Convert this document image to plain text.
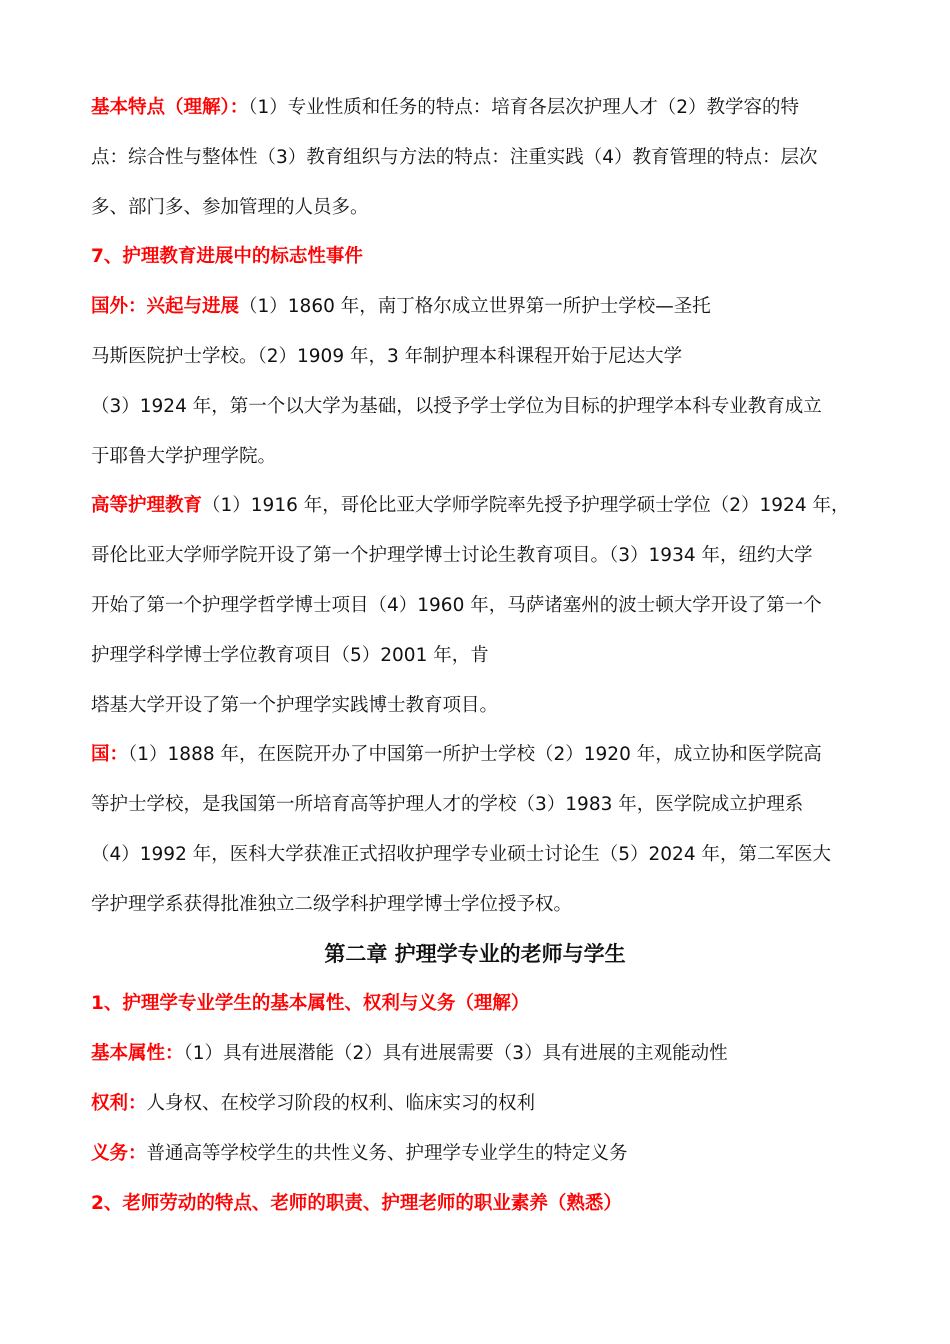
基本特点（理解）：（1）专业性质和任务的特点：培育各层次护理人才（2）教学容的特
点：综合性与整体性（3）教育组织与方法的特点：注重实践（4）教育管理的特点：层次
多、部门多、参加管理的人员多。
7、护理教育进展中的标志性事件
国外：兴起与进展（1）1860 年，南丁格尔成立世界第一所护士学校—圣托
马斯医院护士学校。（2）1909 年，3 年制护理本科课程开始于尼达大学
（3）1924 年，第一个以大学为基础，以授予学士学位为目标的护理学本科专业教育成立
于耶鲁大学护理学院。
高等护理教育（1）1916 年，哥伦比亚大学师学院率先授予护理学硕士学位（2）1924 年，
哥伦比亚大学师学院开设了第一个护理学博士讨论生教育项目。（3）1934 年，纽约大学
开始了第一个护理学哲学博士项目（4）1960 年，马萨诸塞州的波士顿大学开设了第一个
护理学科学博士学位教育项目（5）2001 年，肯
塔基大学开设了第一个护理学实践博士教育项目。
国：（1）1888 年，在医院开办了中国第一所护士学校（2）1920 年，成立协和医学院高
等护士学校，是我国第一所培育高等护理人才的学校（3）1983 年，医学院成立护理系
（4）1992 年，医科大学获准正式招收护理学专业硕士讨论生（5）2024 年，第二军医大
学护理学系获得批准独立二级学科护理学博士学位授予权。
第二章 护理学专业的老师与学生
1、护理学专业学生的基本属性、权利与义务（理解）
基本属性：（1）具有进展潜能（2）具有进展需要（3）具有进展的主观能动性
权利：人身权、在校学习阶段的权利、临床实习的权利
义务：普通高等学校学生的共性义务、护理学专业学生的特定义务
2、老师劳动的特点、老师的职责、护理老师的职业素养（熟悉）
